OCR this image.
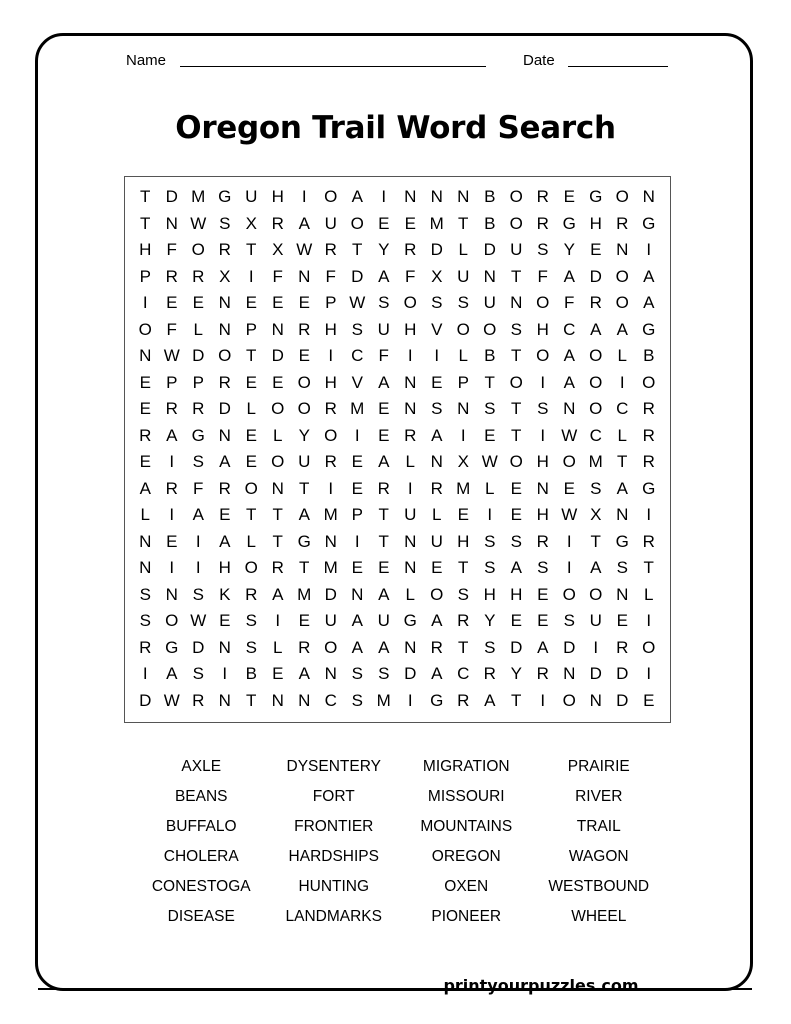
Name	Date
Oregon Trail Word Search
T D M G U H	I	O A	I	N N N B O R E G O N
T N W S X R A U O E E M T B O R G H R G
H F O R T X W R T Y R D L D U S Y E N	I
P R R X	I	F N F D A F X U N T F A D O A
I	E E N E E E P W S O S S U N O F R O A
O F L N P N R H S U H V O O S H C A A G
N W D O T D E	I	C F	I	I	L B T O A O L B
E P P R E E O H V A N E P T O	I	A O	I	O
E R R D L O O R M E N S N S T S N O C R
R A G N E L Y O	I	E R A	I	E T	I W C L R
E	I	S A E O U R E A L N X W O H O M T R
A R F R O N T	I	E R	I	R M L E N E S A G
L	I	A E T T A M P T U L E	I	E H W X N	I
N E	I	A L T G N	I	T N U H S S R	I	T G R
N	I	I	H O R T M E E N E T S A S	I	A S T
S N S K R A M D N A L O S H H E O O N L
S O W E S	I	E U A U G A R Y E E S U E	I
R G D N S L R O A A N R T S D A D	I	R O
I	A S	I	B E A N S S D A C R Y R N D D	I
D W R N T N N C S M	I	G R A T	I	O N D E
AXLE	DYSENTERY	MIGRATION	PRAIRIE
BEANS	FORT	MISSOURI	RIVER
BUFFALO	FRONTIER	MOUNTAINS	TRAIL
CHOLERA	HARDSHIPS	OREGON	WAGON
CONESTOGA	HUNTING	OXEN	WESTBOUND
DISEASE	LANDMARKS	PIONEER	WHEEL
printyourpuzzles.com
